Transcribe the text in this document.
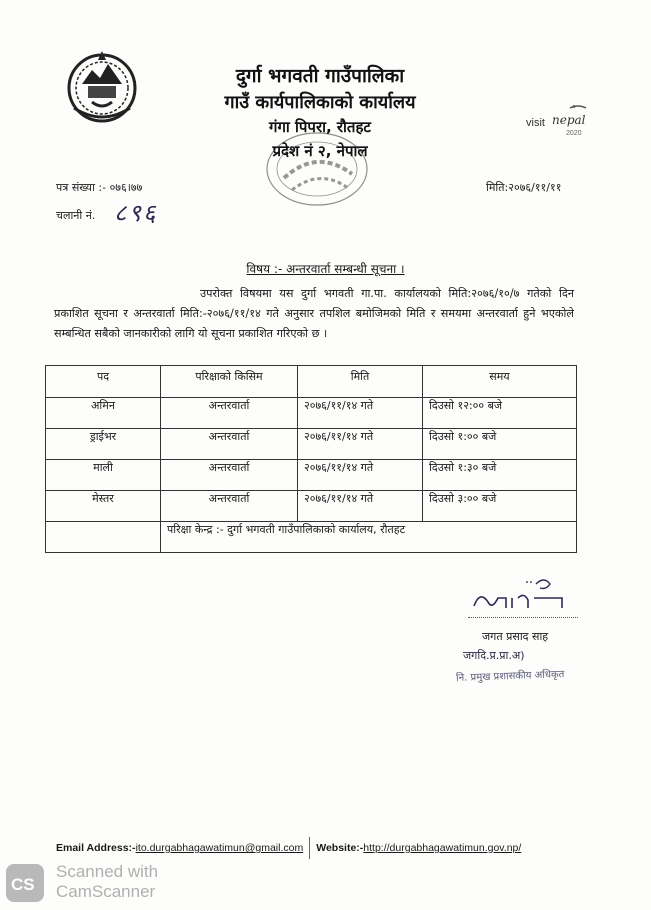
दुर्गा भगवती गाउँपालिका
गाउँ कार्यपालिकाको कार्यालय
गंगा पिपरा, रौतहट
प्रदेश नं २, नेपाल
visit nepal
2020
पत्र संख्या :- ०७६।७७	मिति:२०७६/११/११
चलानी नं. ८९६
विषय :- अन्तरवार्ता सम्बन्धी सूचना ।
उपरोक्त विषयमा यस दुर्गा भगवती गा.पा. कार्यालयको मिति:२०७६/१०/७ गतेको दिन प्रकाशित सूचना र अन्तरवार्ता मिति:-२०७६/११/१४ गते अनुसार तपशिल बमोजिमको मिति र समयमा अन्तरवार्ता हुने भएकोले सम्बन्धित सबैको जानकारीको लागि यो सूचना प्रकाशित गरिएको छ ।
पद	परिक्षाको किसिम	मिति	समय
अमिन	अन्तरवार्ता	२०७६/११/१४ गते	दिउसो १२:०० बजे
ड्राईभर	अन्तरवार्ता	२०७६/११/१४ गते	दिउसो १:०० बजे
माली	अन्तरवार्ता	२०७६/११/१४ गते	दिउसो १:३० बजे
मेस्तर	अन्तरवार्ता	२०७६/११/१४ गते	दिउसो ३:०० बजे
	परिक्षा केन्द्र :- दुर्गा भगवती गाउँपालिकाको कार्यालय, रौतहट		
जगत प्रसाद साह
जगदि.प्र.प्रा.अ)
नि. प्रमुख प्रशासकीय अधिकृत
Email Address:-ito.durgabhagawatimun@gmail.com Website:-http://durgabhagawatimun.gov.np/
CS
Scanned with
CamScanner
